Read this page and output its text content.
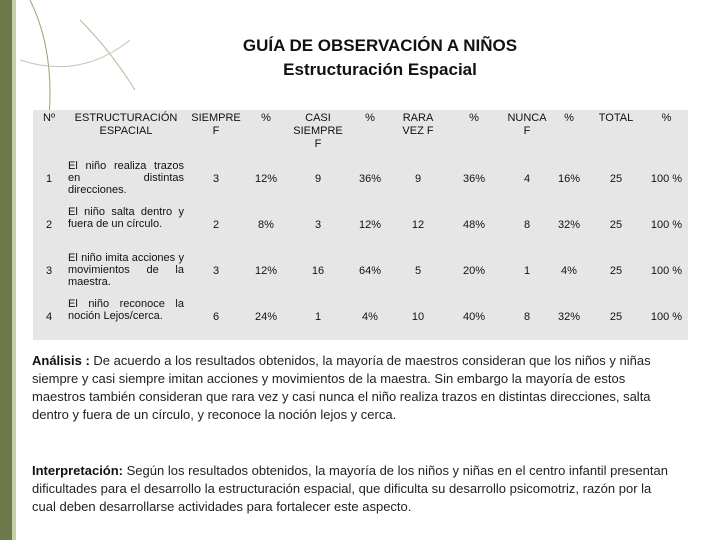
GUÍA DE OBSERVACIÓN A NIÑOS
Estructuración Espacial
Nº	ESTRUCTURACIÓN ESPACIAL	SIEMPRE F	%	CASI SIEMPRE F	%	RARA VEZ F	%	NUNCA F	%	TOTAL	%
1	El niño realiza trazos en distintas direcciones.	3	12%	9	36%	9	36%	4	16%	25	100 %
2	El niño salta dentro y fuera de un círculo.	2	8%	3	12%	12	48%	8	32%	25	100 %
3	El niño imita acciones y movimientos de la maestra.	3	12%	16	64%	5	20%	1	4%	25	100 %
4	El niño reconoce la noción Lejos/cerca.	6	24%	1	4%	10	40%	8	32%	25	100 %
Análisis : De acuerdo a los resultados obtenidos, la mayoría de maestros consideran que los niños y niñas siempre y casi siempre imitan acciones y movimientos de la maestra. Sin embargo la mayoría de estos maestros también consideran que rara vez y casi nunca el niño realiza trazos en distintas direcciones, salta dentro y fuera de un círculo, y reconoce la noción lejos y cerca.
Interpretación: Según los resultados obtenidos, la mayoría de los niños y niñas en el centro infantil presentan dificultades para el desarrollo la estructuración espacial, que dificulta su desarrollo psicomotriz, razón por la cual deben desarrollarse actividades para fortalecer este aspecto.
